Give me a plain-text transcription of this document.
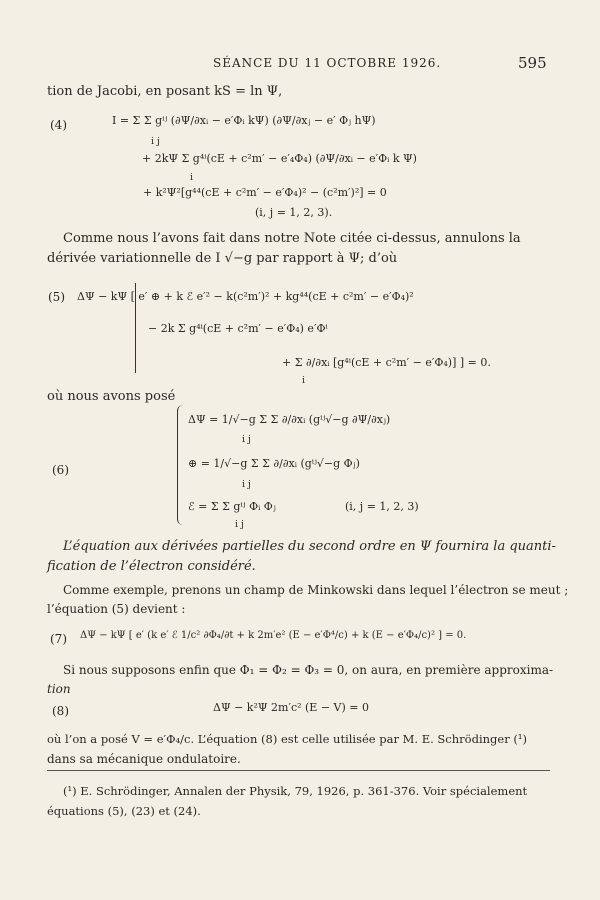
SÉANCE DU 11 OCTOBRE 1926.	595
tion de Jacobi, en posant kS = ln Ψ,
(4)	I = Σ Σ gⁱʲ (∂Ψ/∂xᵢ − e′Φᵢ kΨ) (∂Ψ/∂xⱼ − e′ Φⱼ hΨ)
i j
+ 2kΨ Σ g⁴ⁱ(cE + c²m′ − e′₄Φ₄) (∂Ψ/∂xᵢ − e′Φᵢ k Ψ)
i
+ k²Ψ²[g⁴⁴(cE + c²m′ − e′Φ₄)² − (c²m′)²] = 0
(i, j = 1, 2, 3).
Comme nous l’avons fait dans notre Note citée ci-dessus, annulons la
dérivée variationnelle de I √−g par rapport à Ψ; d’où
(5) ΔΨ − kΨ [ e′ ⊕ + k ℰ e′² − k(c²m′)² + kg⁴⁴(cE + c²m′ − e′Φ₄)²
− 2k Σ g⁴ⁱ(cE + c²m′ − e′Φ₄) e′Φⁱ
+ Σ ∂/∂xᵢ [g⁴ⁱ(cE + c²m′ − e′Φ₄)] ] = 0.
i
où nous avons posé
(6)
ΔΨ = 1/√−g Σ Σ ∂/∂xᵢ (gⁱʲ√−g ∂Ψ/∂xⱼ)
i j
⊕ = 1/√−g Σ Σ ∂/∂xᵢ (gⁱʲ√−g Φⱼ)
i j
ℰ = Σ Σ gⁱʲ Φᵢ Φⱼ	(i, j = 1, 2, 3)
i j
L’équation aux dérivées partielles du second ordre en Ψ fournira la quanti-
fication de l’électron considéré.
Comme exemple, prenons un champ de Minkowski dans lequel l’électron se meut ;
l’équation (5) devient :
(7) ΔΨ − kΨ [ e′ (k e′ ℰ 1/c² ∂Φ₄/∂t + k 2m′e² (E − e′Φ⁴/c) + k (E − e′Φ₄/c)² ] = 0.
Si nous supposons enfin que Φ₁ = Φ₂ = Φ₃ = 0, on aura, en première approxima-
tion
(8)	ΔΨ − k²Ψ 2m′c² (E − V) = 0
où l’on a posé V = e′Φ₄/c. L’équation (8) est celle utilisée par M. E. Schrödinger (¹)
dans sa mécanique ondulatoire.
(¹) E. Schrödinger, Annalen der Physik, 79, 1926, p. 361-376. Voir spécialement
équations (5), (23) et (24).
